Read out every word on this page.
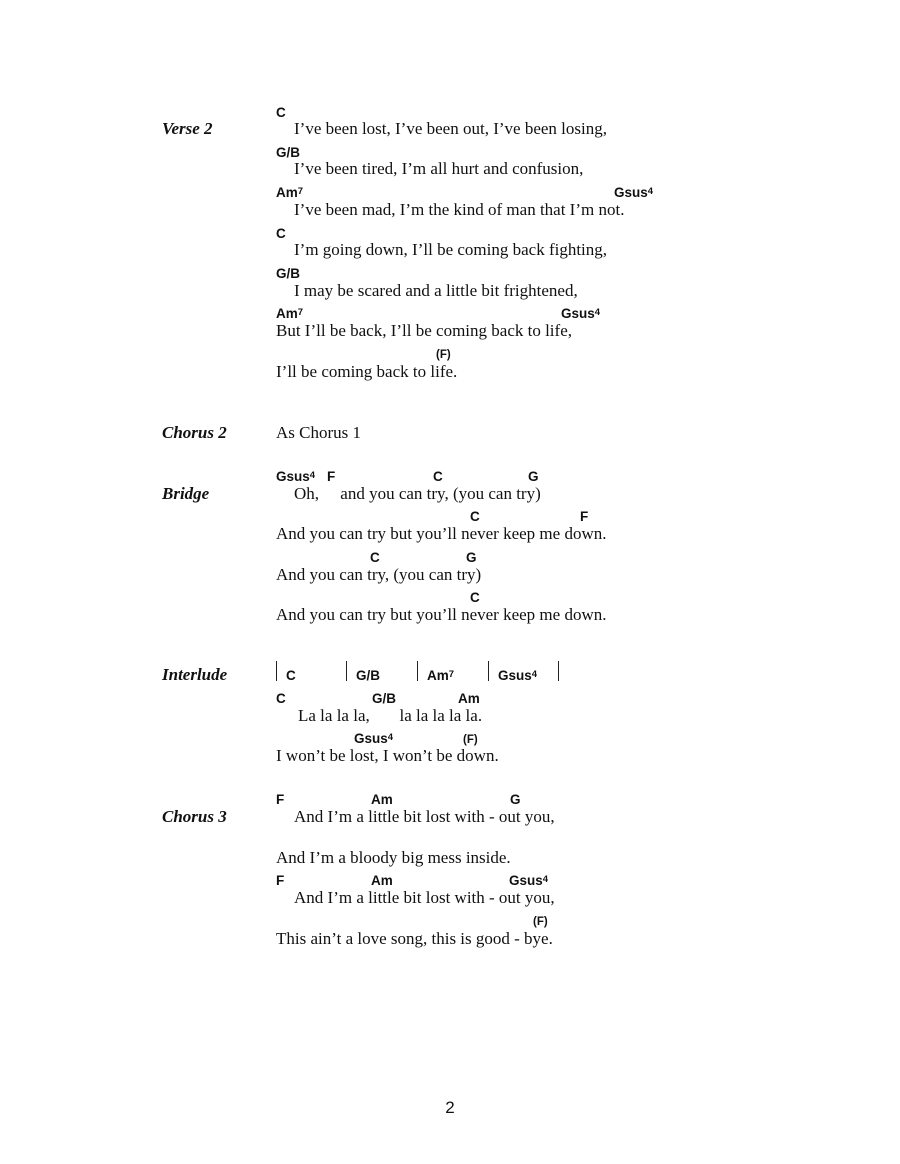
Verse 2
C
I’ve been lost, I’ve been out, I’ve been losing,
G/B
I’ve been tired, I’m all hurt and confusion,
Am$^7$	Gsus$^4$
I’ve been mad, I’m the kind of man that I’m not.
C
I’m going down, I’ll be coming back fighting,
G/B
I may be scared and a little bit frightened,
Am$^7$	Gsus$^4$
But I’ll be back, I’ll be coming back to life,
(F)
I’ll be coming back to life.
Chorus 2	As Chorus 1
Bridge
Gsus$^4$ F	C	G
Oh,     and you can try, (you can try)
C	F
And you can try but you’ll never keep me down.
C	G
And you can try, (you can try)
C
And you can try but you’ll never keep me down.
Interlude	C	G/B	Am$^7$	Gsus$^4$
C	G/B	Am
La la la la,       la la la la la.
Gsus$^4$	(F)
I won’t be lost, I won’t be down.
Chorus 3
F	Am	G
And I’m a little bit lost with - out you,
And I’m a bloody big mess inside.
F	Am	Gsus$^4$
And I’m a little bit lost with - out you,
(F)
This ain’t a love song, this is good - bye.
2
